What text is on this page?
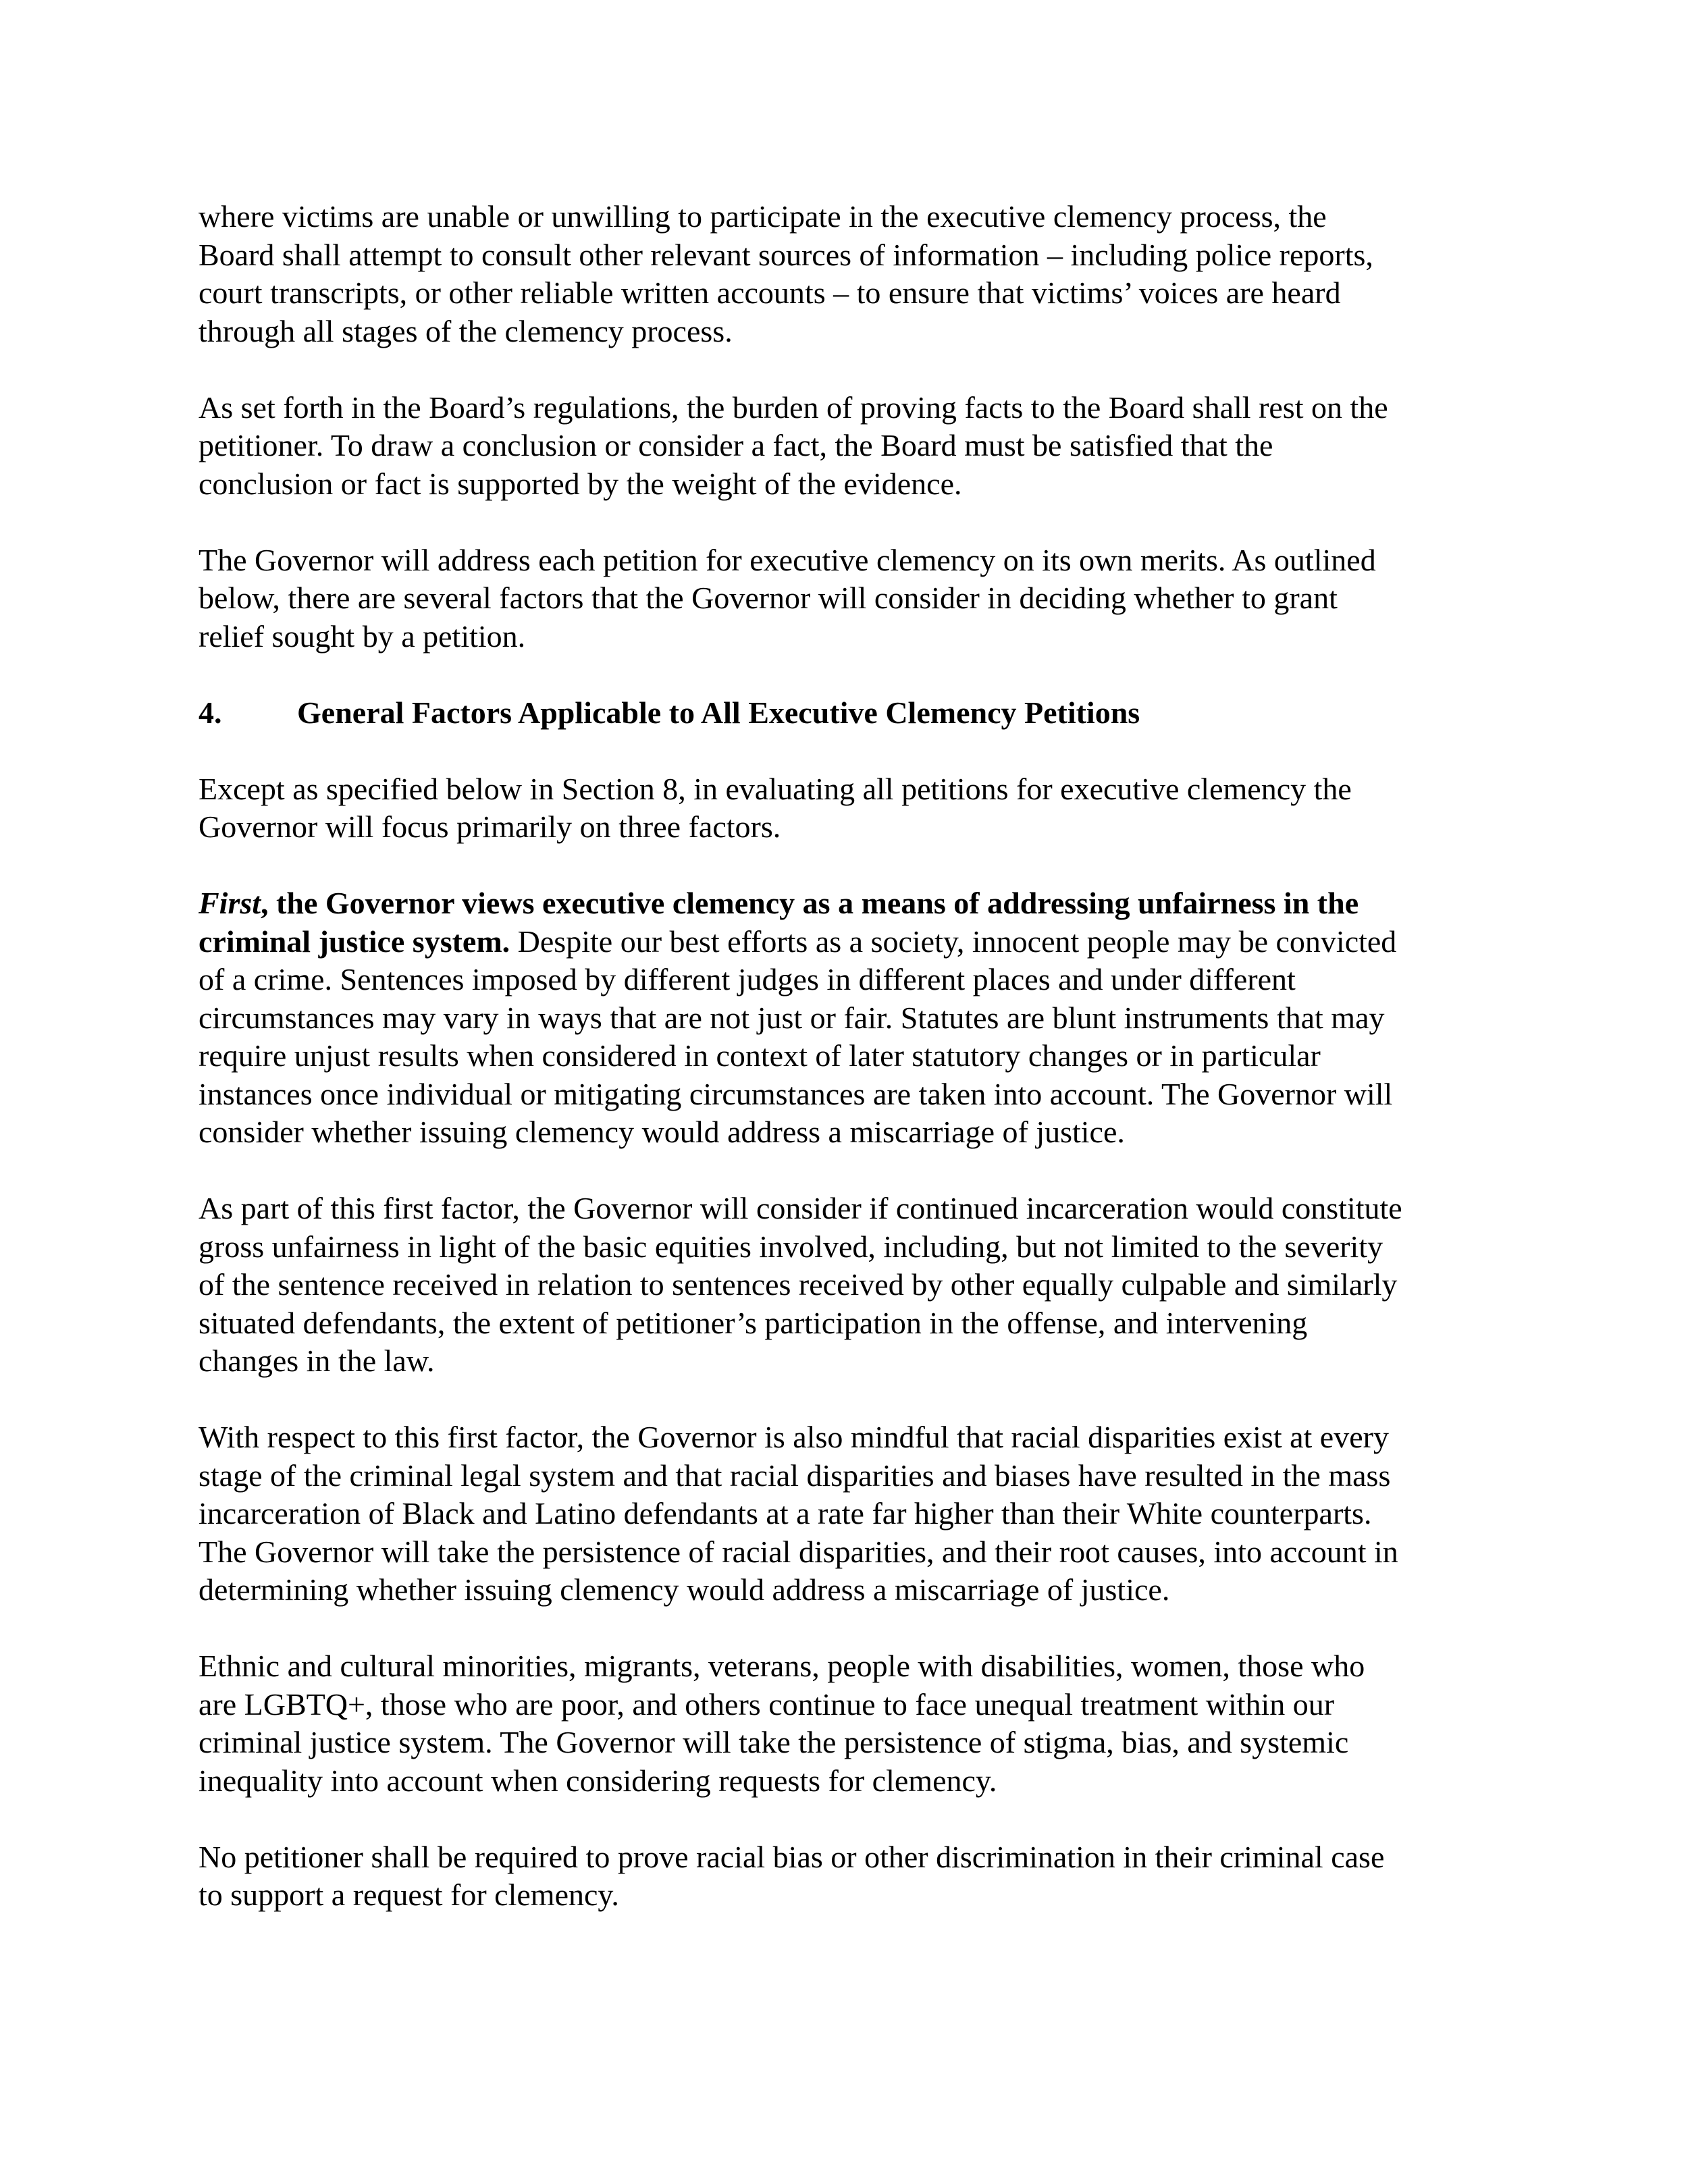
where victims are unable or unwilling to participate in the executive clemency process, the
Board shall attempt to consult other relevant sources of information – including police reports,
court transcripts, or other reliable written accounts – to ensure that victims’ voices are heard
through all stages of the clemency process.

As set forth in the Board’s regulations, the burden of proving facts to the Board shall rest on the
petitioner. To draw a conclusion or consider a fact, the Board must be satisfied that the
conclusion or fact is supported by the weight of the evidence.

The Governor will address each petition for executive clemency on its own merits. As outlined
below, there are several factors that the Governor will consider in deciding whether to grant
relief sought by a petition.

4. General Factors Applicable to All Executive Clemency Petitions

Except as specified below in Section 8, in evaluating all petitions for executive clemency the
Governor will focus primarily on three factors.

First, the Governor views executive clemency as a means of addressing unfairness in the
criminal justice system. Despite our best efforts as a society, innocent people may be convicted
of a crime. Sentences imposed by different judges in different places and under different
circumstances may vary in ways that are not just or fair. Statutes are blunt instruments that may
require unjust results when considered in context of later statutory changes or in particular
instances once individual or mitigating circumstances are taken into account. The Governor will
consider whether issuing clemency would address a miscarriage of justice.

As part of this first factor, the Governor will consider if continued incarceration would constitute
gross unfairness in light of the basic equities involved, including, but not limited to the severity
of the sentence received in relation to sentences received by other equally culpable and similarly
situated defendants, the extent of petitioner’s participation in the offense, and intervening
changes in the law.

With respect to this first factor, the Governor is also mindful that racial disparities exist at every
stage of the criminal legal system and that racial disparities and biases have resulted in the mass
incarceration of Black and Latino defendants at a rate far higher than their White counterparts.
The Governor will take the persistence of racial disparities, and their root causes, into account in
determining whether issuing clemency would address a miscarriage of justice.

Ethnic and cultural minorities, migrants, veterans, people with disabilities, women, those who
are LGBTQ+, those who are poor, and others continue to face unequal treatment within our
criminal justice system. The Governor will take the persistence of stigma, bias, and systemic
inequality into account when considering requests for clemency.

No petitioner shall be required to prove racial bias or other discrimination in their criminal case
to support a request for clemency.
